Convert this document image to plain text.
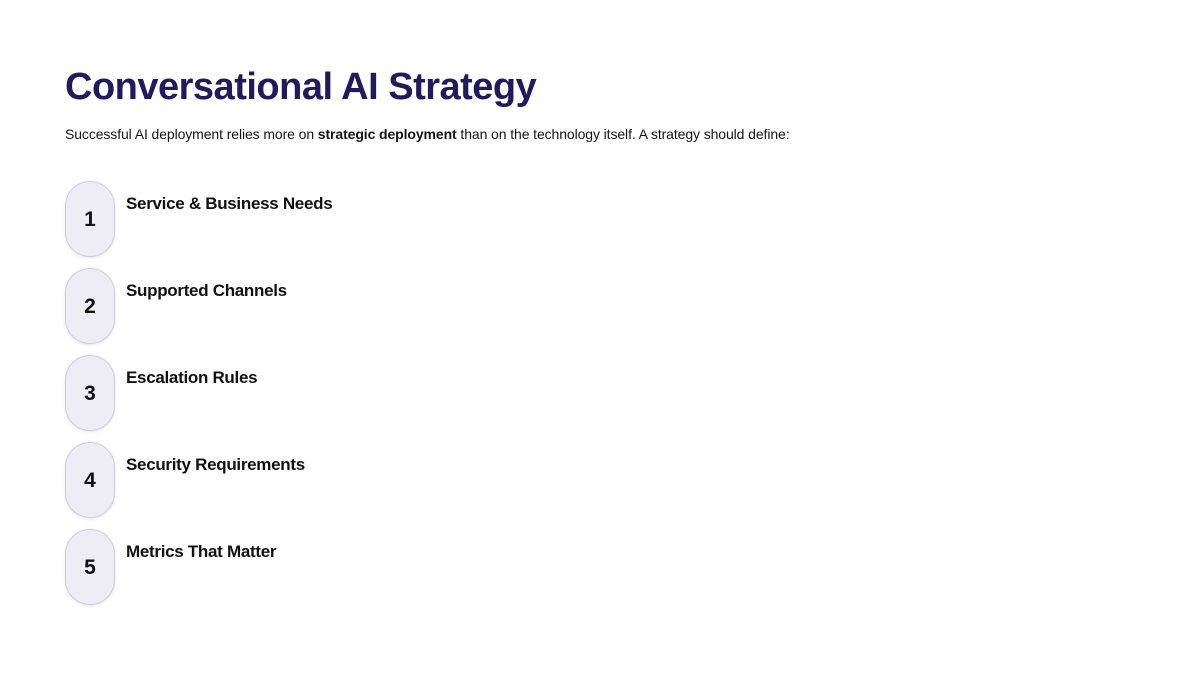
Conversational AI Strategy

Successful AI deployment relies more on strategic deployment than on the technology itself. A strategy should define:

1
Service & Business Needs
2
Supported Channels
3
Escalation Rules
4
Security Requirements
5
Metrics That Matter
